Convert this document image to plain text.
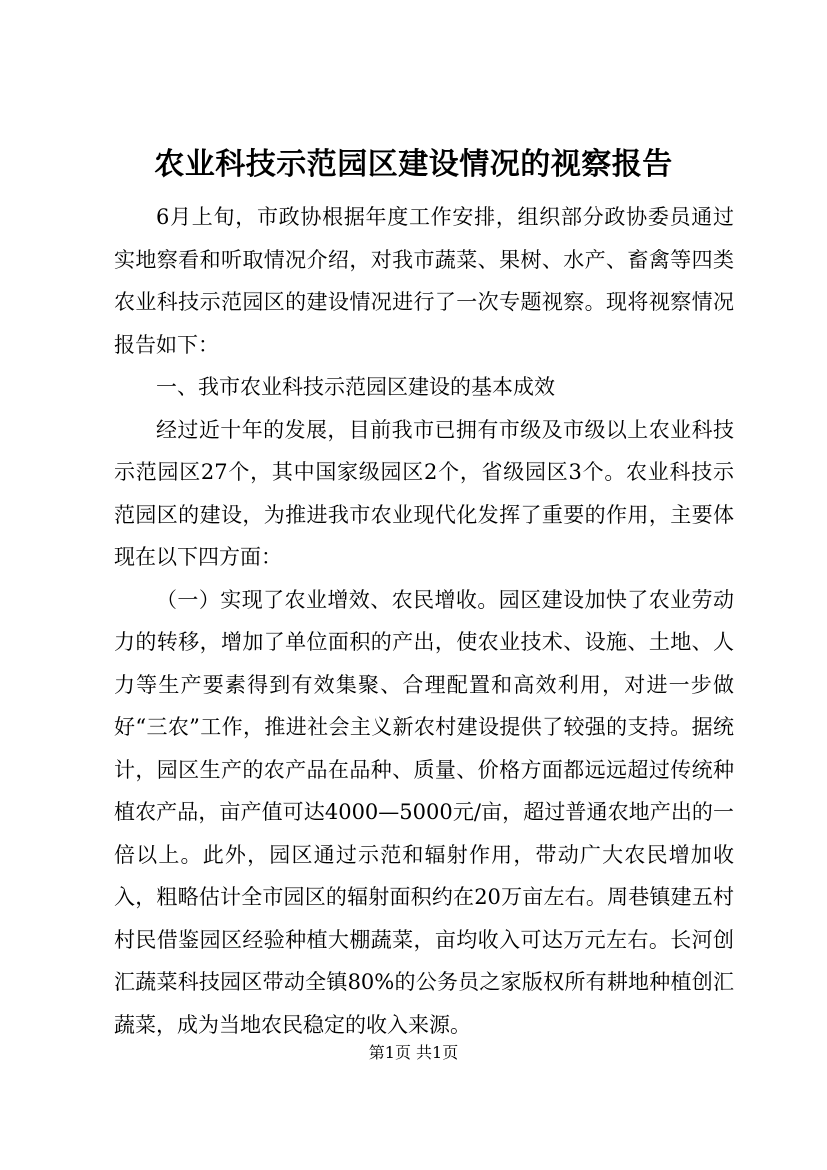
农业科技示范园区建设情况的视察报告

6月上旬，市政协根据年度工作安排，组织部分政协委员通过实地察看和听取情况介绍，对我市蔬菜、果树、水产、畜禽等四类农业科技示范园区的建设情况进行了一次专题视察。现将视察情况报告如下：

一、我市农业科技示范园区建设的基本成效

经过近十年的发展，目前我市已拥有市级及市级以上农业科技示范园区27个，其中国家级园区2个，省级园区3个。农业科技示范园区的建设，为推进我市农业现代化发挥了重要的作用，主要体现在以下四方面：

（一）实现了农业增效、农民增收。园区建设加快了农业劳动力的转移，增加了单位面积的产出，使农业技术、设施、土地、人力等生产要素得到有效集聚、合理配置和高效利用，对进一步做好“三农”工作，推进社会主义新农村建设提供了较强的支持。据统计，园区生产的农产品在品种、质量、价格方面都远远超过传统种植农产品，亩产值可达4000—5000元/亩，超过普通农地产出的一倍以上。此外，园区通过示范和辐射作用，带动广大农民增加收入，粗略估计全市园区的辐射面积约在20万亩左右。周巷镇建五村村民借鉴园区经验种植大棚蔬菜，亩均收入可达万元左右。长河创汇蔬菜科技园区带动全镇80%的公务员之家版权所有耕地种植创汇蔬菜，成为当地农民稳定的收入来源。

第1页 共1页
